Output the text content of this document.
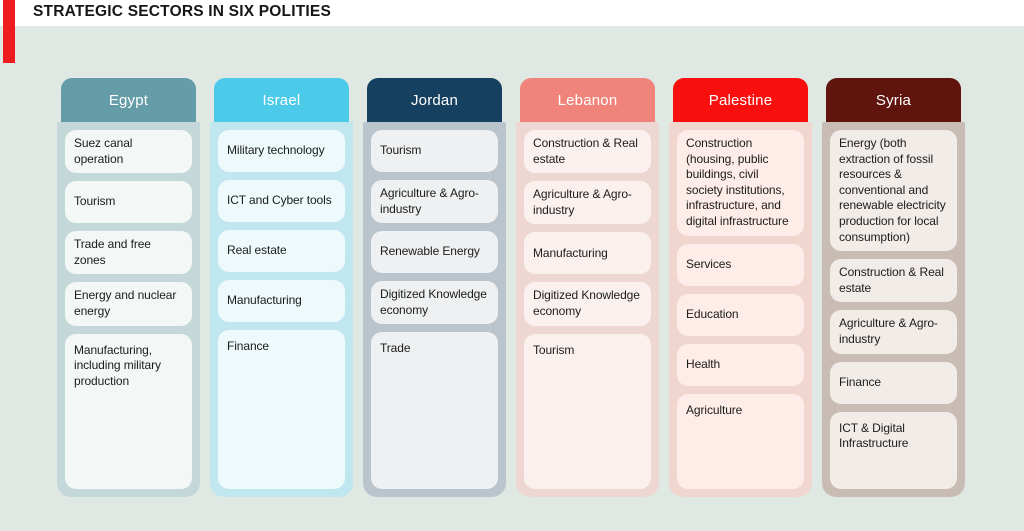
STRATEGIC SECTORS IN SIX POLITIES
Egypt
Suez canal operation
Tourism
Trade and free zones
Energy and nuclear energy
Manufacturing, including military production
Israel
Military technology
ICT and Cyber tools
Real estate
Manufacturing
Finance
Jordan
Tourism
Agriculture & Agro-industry
Renewable Energy
Digitized Knowledge economy
Trade
Lebanon
Construction & Real estate
Agriculture & Agro-industry
Manufacturing
Digitized Knowledge economy
Tourism
Palestine
Construction (housing, public buildings, civil society institutions, infrastructure, and digital infrastructure
Services
Education
Health
Agriculture
Syria
Energy (both extraction of fossil resources & conventional and renewable electricity production for local consumption)
Construction & Real estate
Agriculture & Agro-industry
Finance
ICT & Digital Infrastructure
